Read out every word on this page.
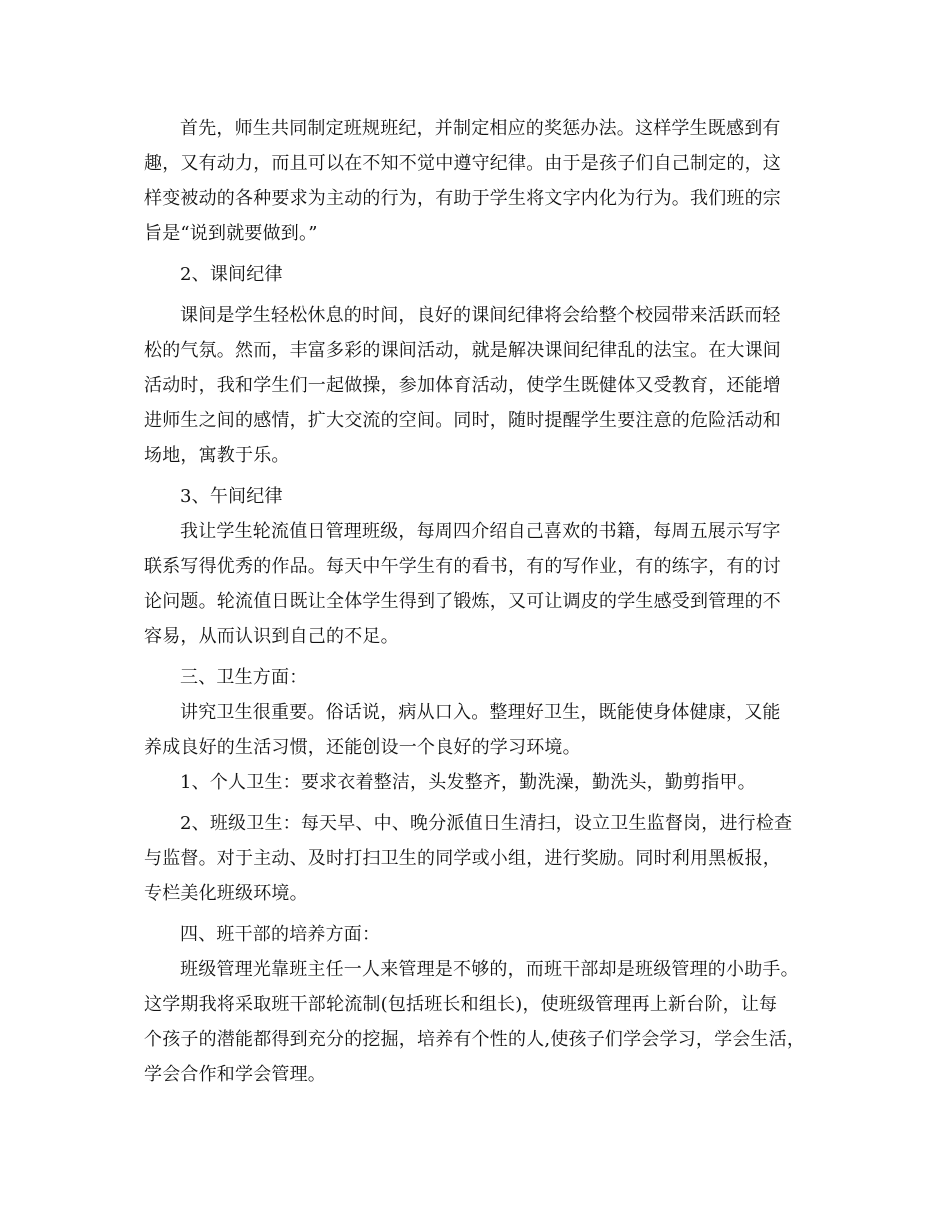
首先，师生共同制定班规班纪，并制定相应的奖惩办法。这样学生既感到有
趣，又有动力，而且可以在不知不觉中遵守纪律。由于是孩子们自己制定的，这
样变被动的各种要求为主动的行为，有助于学生将文字内化为行为。我们班的宗
旨是“说到就要做到。”
2、课间纪律
课间是学生轻松休息的时间，良好的课间纪律将会给整个校园带来活跃而轻
松的气氛。然而，丰富多彩的课间活动，就是解决课间纪律乱的法宝。在大课间
活动时，我和学生们一起做操，参加体育活动，使学生既健体又受教育，还能增
进师生之间的感情，扩大交流的空间。同时，随时提醒学生要注意的危险活动和
场地，寓教于乐。
3、午间纪律
我让学生轮流值日管理班级，每周四介绍自己喜欢的书籍，每周五展示写字
联系写得优秀的作品。每天中午学生有的看书，有的写作业，有的练字，有的讨
论问题。轮流值日既让全体学生得到了锻炼，又可让调皮的学生感受到管理的不
容易，从而认识到自己的不足。
三、卫生方面：
讲究卫生很重要。俗话说，病从口入。整理好卫生，既能使身体健康，又能
养成良好的生活习惯，还能创设一个良好的学习环境。
1、个人卫生：要求衣着整洁，头发整齐，勤洗澡，勤洗头，勤剪指甲。
2、班级卫生：每天早、中、晚分派值日生清扫，设立卫生监督岗，进行检查
与监督。对于主动、及时打扫卫生的同学或小组，进行奖励。同时利用黑板报，
专栏美化班级环境。
四、班干部的培养方面：
班级管理光靠班主任一人来管理是不够的，而班干部却是班级管理的小助手。
这学期我将采取班干部轮流制(包括班长和组长)，使班级管理再上新台阶，让每
个孩子的潜能都得到充分的挖掘，培养有个性的人,使孩子们学会学习，学会生活，
学会合作和学会管理。
